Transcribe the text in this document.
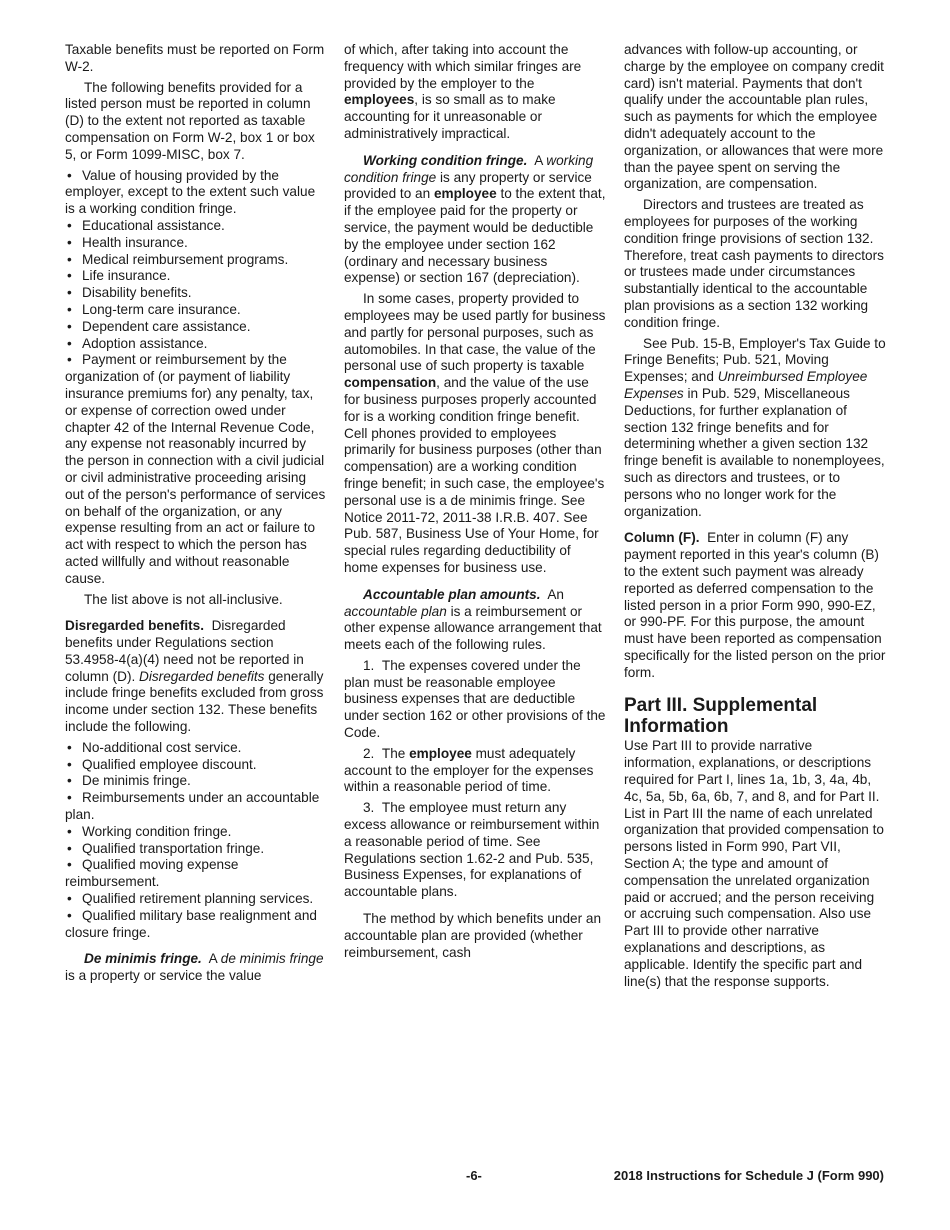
Taxable benefits must be reported on Form W-2.

The following benefits provided for a listed person must be reported in column (D) to the extent not reported as taxable compensation on Form W-2, box 1 or box 5, or Form 1099-MISC, box 7.

• Value of housing provided by the employer, except to the extent such value is a working condition fringe.
• Educational assistance.
• Health insurance.
• Medical reimbursement programs.
• Life insurance.
• Disability benefits.
• Long-term care insurance.
• Dependent care assistance.
• Adoption assistance.
• Payment or reimbursement by the organization of (or payment of liability insurance premiums for) any penalty, tax, or expense of correction owed under chapter 42 of the Internal Revenue Code, any expense not reasonably incurred by the person in connection with a civil judicial or civil administrative proceeding arising out of the person's performance of services on behalf of the organization, or any expense resulting from an act or failure to act with respect to which the person has acted willfully and without reasonable cause.

The list above is not all-inclusive.

Disregarded benefits. Disregarded benefits under Regulations section 53.4958-4(a)(4) need not be reported in column (D). Disregarded benefits generally include fringe benefits excluded from gross income under section 132. These benefits include the following.

• No-additional cost service.
• Qualified employee discount.
• De minimis fringe.
• Reimbursements under an accountable plan.
• Working condition fringe.
• Qualified transportation fringe.
• Qualified moving expense reimbursement.
• Qualified retirement planning services.
• Qualified military base realignment and closure fringe.

De minimis fringe. A de minimis fringe is a property or service the value

of which, after taking into account the frequency with which similar fringes are provided by the employer to the employees, is so small as to make accounting for it unreasonable or administratively impractical.

Working condition fringe. A working condition fringe is any property or service provided to an employee to the extent that, if the employee paid for the property or service, the payment would be deductible by the employee under section 162 (ordinary and necessary business expense) or section 167 (depreciation).

In some cases, property provided to employees may be used partly for business and partly for personal purposes, such as automobiles. In that case, the value of the personal use of such property is taxable compensation, and the value of the use for business purposes properly accounted for is a working condition fringe benefit. Cell phones provided to employees primarily for business purposes (other than compensation) are a working condition fringe benefit; in such case, the employee's personal use is a de minimis fringe. See Notice 2011-72, 2011-38 I.R.B. 407. See Pub. 587, Business Use of Your Home, for special rules regarding deductibility of home expenses for business use.

Accountable plan amounts. An accountable plan is a reimbursement or other expense allowance arrangement that meets each of the following rules.

1.  The expenses covered under the plan must be reasonable employee business expenses that are deductible under section 162 or other provisions of the Code.

2.  The employee must adequately account to the employer for the expenses within a reasonable period of time.

3.  The employee must return any excess allowance or reimbursement within a reasonable period of time. See Regulations section 1.62-2 and Pub. 535, Business Expenses, for explanations of accountable plans.

The method by which benefits under an accountable plan are provided (whether reimbursement, cash

advances with follow-up accounting, or charge by the employee on company credit card) isn't material. Payments that don't qualify under the accountable plan rules, such as payments for which the employee didn't adequately account to the organization, or allowances that were more than the payee spent on serving the organization, are compensation.

Directors and trustees are treated as employees for purposes of the working condition fringe provisions of section 132. Therefore, treat cash payments to directors or trustees made under circumstances substantially identical to the accountable plan provisions as a section 132 working condition fringe.

See Pub. 15-B, Employer's Tax Guide to Fringe Benefits; Pub. 521, Moving Expenses; and Unreimbursed Employee Expenses in Pub. 529, Miscellaneous Deductions, for further explanation of section 132 fringe benefits and for determining whether a given section 132 fringe benefit is available to nonemployees, such as directors and trustees, or to persons who no longer work for the organization.

Column (F). Enter in column (F) any payment reported in this year's column (B) to the extent such payment was already reported as deferred compensation to the listed person in a prior Form 990, 990-EZ, or 990-PF. For this purpose, the amount must have been reported as compensation specifically for the listed person on the prior form.

Part III. Supplemental Information

Use Part III to provide narrative information, explanations, or descriptions required for Part I, lines 1a, 1b, 3, 4a, 4b, 4c, 5a, 5b, 6a, 6b, 7, and 8, and for Part II. List in Part III the name of each unrelated organization that provided compensation to persons listed in Form 990, Part VII, Section A; the type and amount of compensation the unrelated organization paid or accrued; and the person receiving or accruing such compensation. Also use Part III to provide other narrative explanations and descriptions, as applicable. Identify the specific part and line(s) that the response supports.

-6-	2018 Instructions for Schedule J (Form 990)
